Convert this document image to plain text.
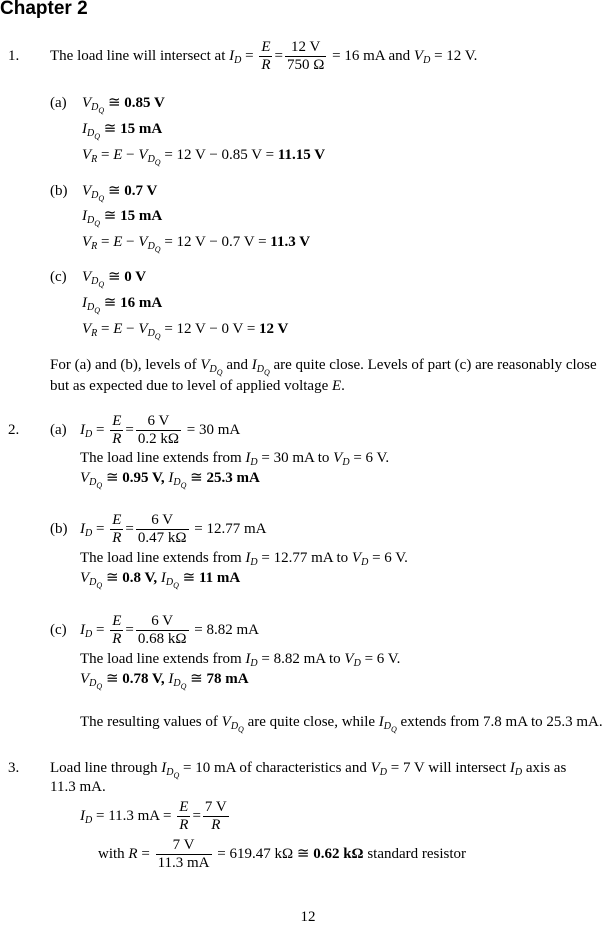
Chapter 2
1. The load line will intersect at $I_D = \frac{E}{R} = \frac{12 V}{750 \Omega} = 16$ mA and $V_D = 12$ V.
(a) $V_{D_Q}$ ≅ 0.85 V
$I_{D_Q}$ ≅ 15 mA
$V_R = E - V_{D_Q} = 12$ V − 0.85 V = 11.15 V
(b) $V_{D_Q}$ ≅ 0.7 V
$I_{D_Q}$ ≅ 15 mA
$V_R = E - V_{D_Q} = 12$ V − 0.7 V = 11.3 V
(c) $V_{D_Q}$ ≅ 0 V
$I_{D_Q}$ ≅ 16 mA
$V_R = E - V_{D_Q} = 12$ V − 0 V = 12 V
For (a) and (b), levels of $V_{D_Q}$ and $I_{D_Q}$ are quite close. Levels of part (c) are reasonably close
but as expected due to level of applied voltage E.
2. (a) $I_D = \frac{E}{R} = \frac{6 V}{0.2 k\Omega} = 30$ mA
The load line extends from $I_D = 30$ mA to $V_D = 6$ V.
$V_{D_Q}$ ≅ 0.95 V, $I_{D_Q}$ ≅ 25.3 mA
(b) $I_D = \frac{E}{R} = \frac{6 V}{0.47 k\Omega} = 12.77$ mA
The load line extends from $I_D = 12.77$ mA to $V_D = 6$ V.
$V_{D_Q}$ ≅ 0.8 V, $I_{D_Q}$ ≅ 11 mA
(c) $I_D = \frac{E}{R} = \frac{6 V}{0.68 k\Omega} = 8.82$ mA
The load line extends from $I_D = 8.82$ mA to $V_D = 6$ V.
$V_{D_Q}$ ≅ 0.78 V, $I_{D_Q}$ ≅ 78 mA
The resulting values of $V_{D_Q}$ are quite close, while $I_{D_Q}$ extends from 7.8 mA to 25.3 mA.
3. Load line through $I_{D_Q} = 10$ mA of characteristics and $V_D = 7$ V will intersect $I_D$ axis as
11.3 mA.
$I_D = 11.3$ mA = $\frac{E}{R} = \frac{7 V}{R}$
with $R = \frac{7 V}{11.3 mA} = 619.47$ kΩ ≅ 0.62 kΩ standard resistor
12
